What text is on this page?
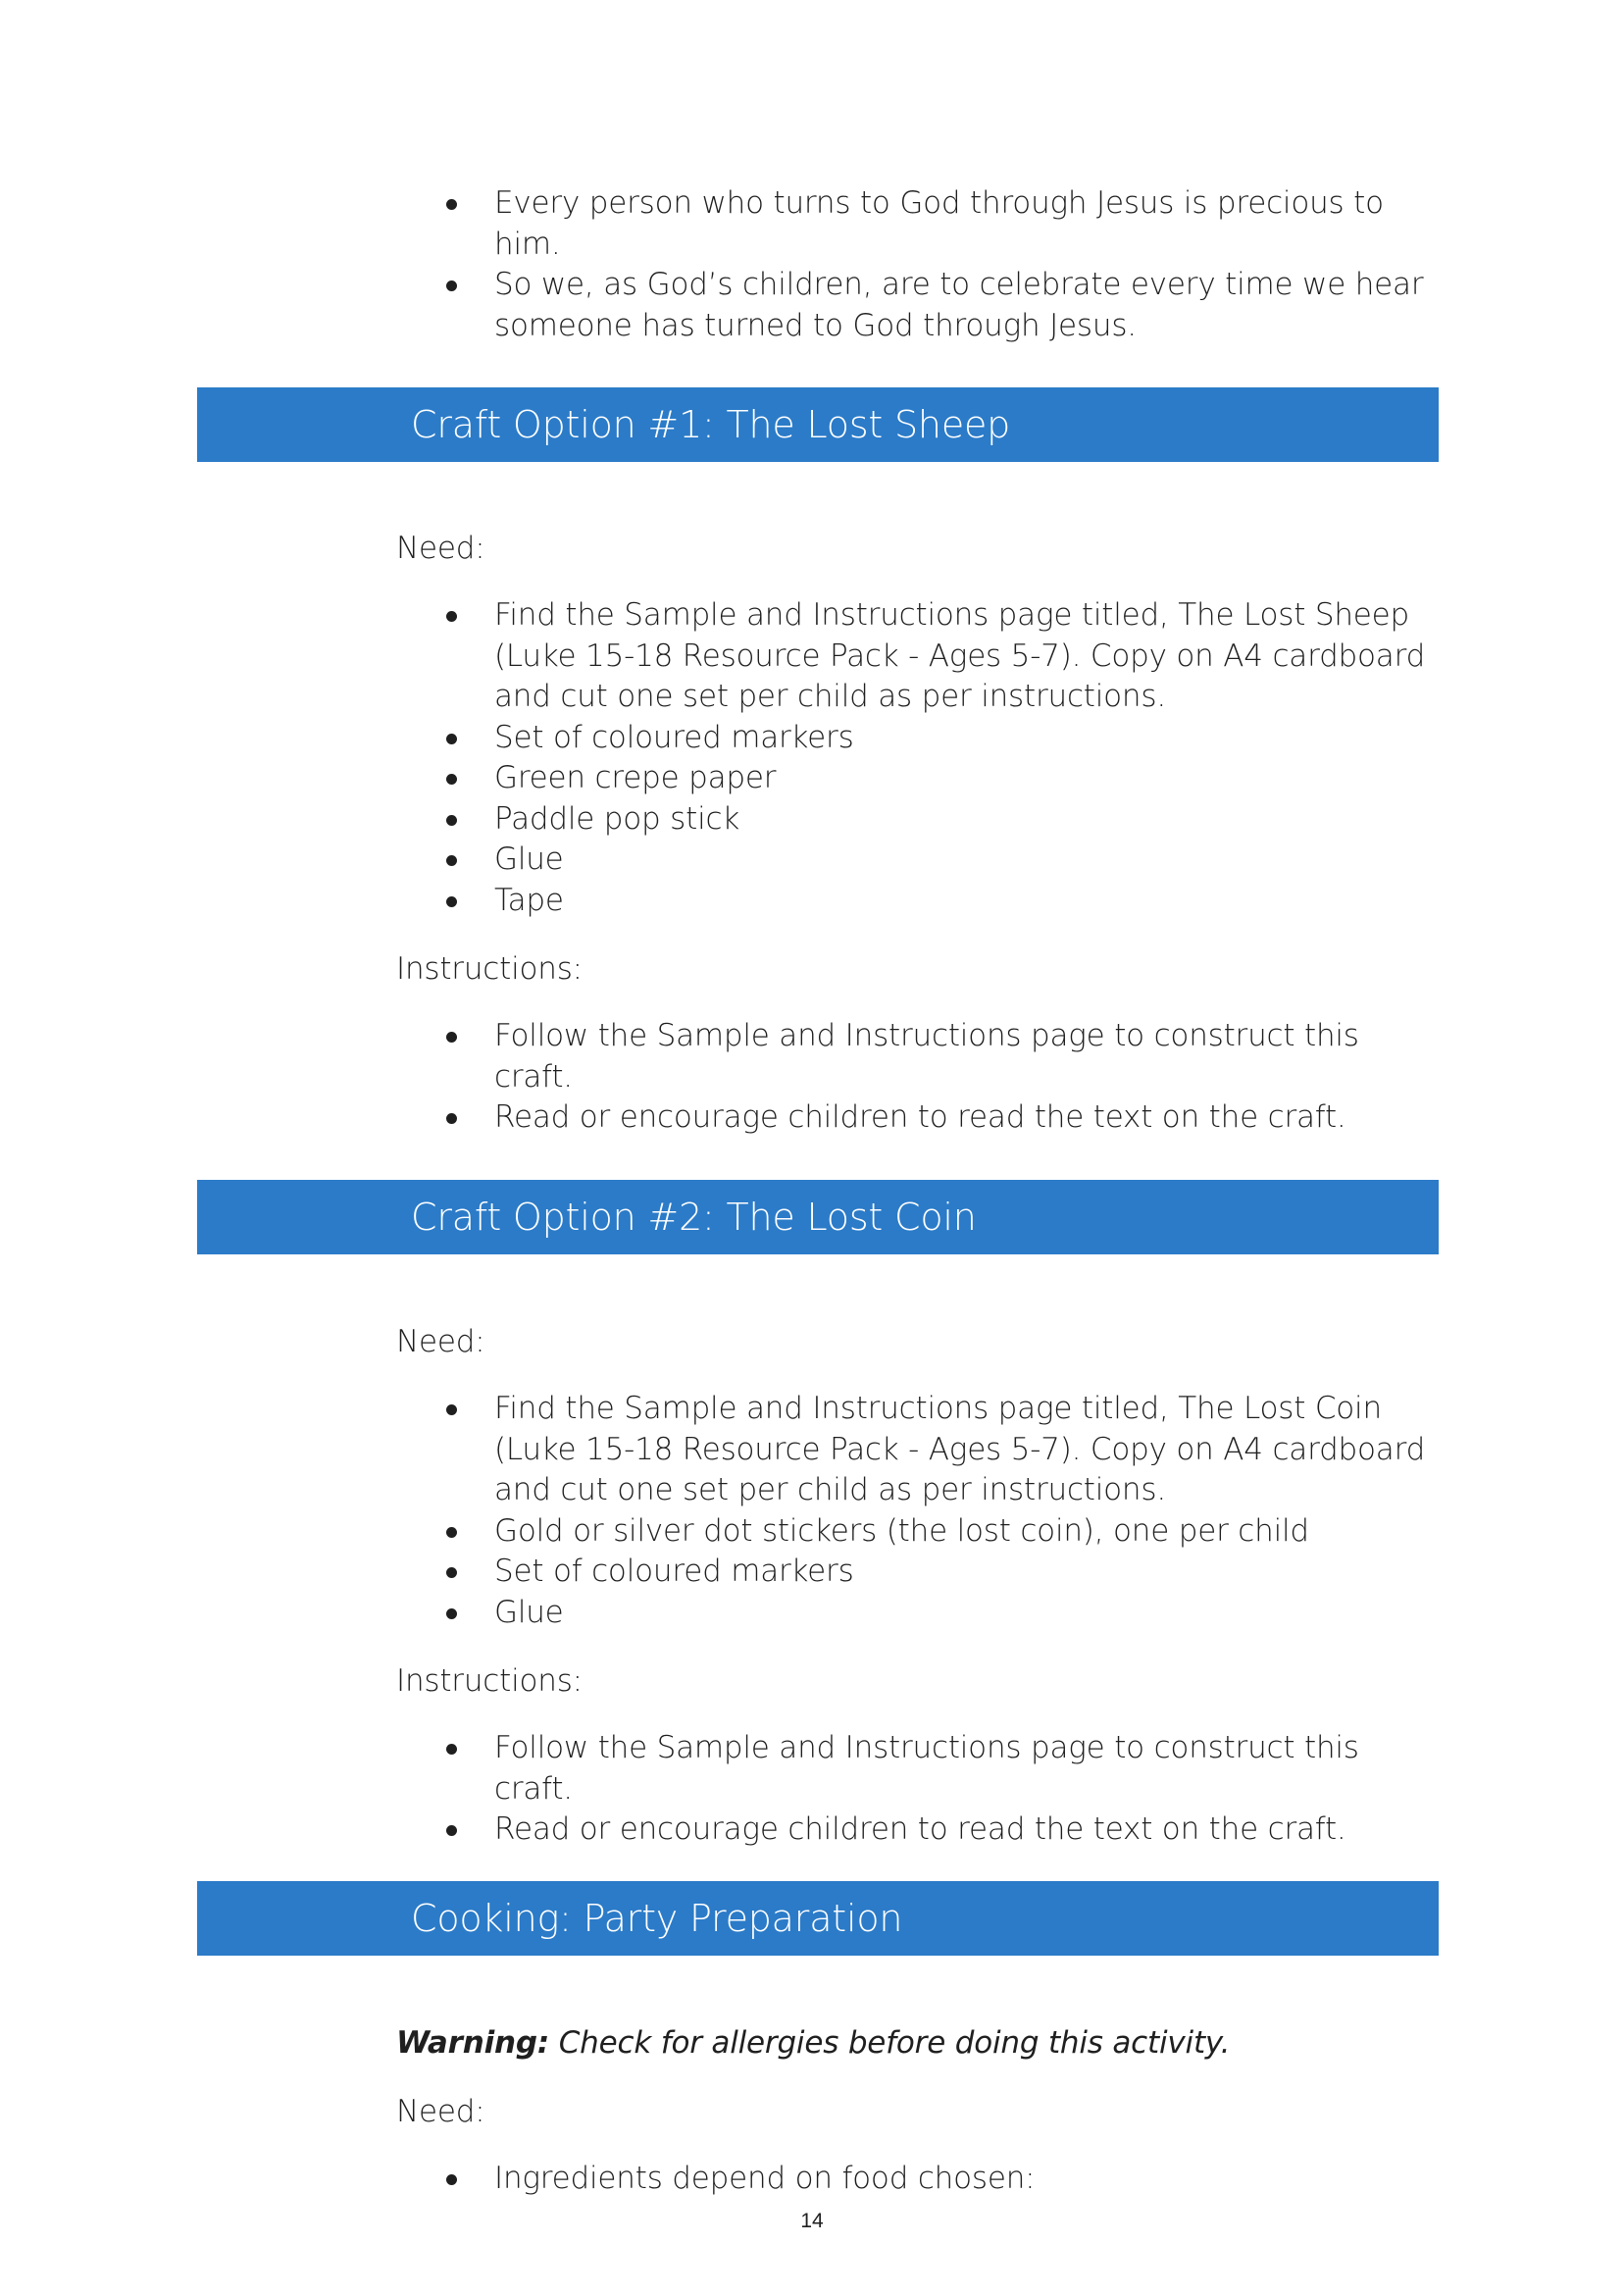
Every person who turns to God through Jesus is precious to him.
So we, as God’s children, are to celebrate every time we hear someone has turned to God through Jesus.
Craft Option #1: The Lost Sheep
Need:
Find the Sample and Instructions page titled, The Lost Sheep (Luke 15-18 Resource Pack - Ages 5-7). Copy on A4 cardboard and cut one set per child as per instructions.
Set of coloured markers
Green crepe paper
Paddle pop stick
Glue
Tape
Instructions:
Follow the Sample and Instructions page to construct this craft.
Read or encourage children to read the text on the craft.
Craft Option #2: The Lost Coin
Need:
Find the Sample and Instructions page titled, The Lost Coin (Luke 15-18 Resource Pack - Ages 5-7). Copy on A4 cardboard and cut one set per child as per instructions.
Gold or silver dot stickers (the lost coin), one per child
Set of coloured markers
Glue
Instructions:
Follow the Sample and Instructions page to construct this craft.
Read or encourage children to read the text on the craft.
Cooking: Party Preparation
Warning: Check for allergies before doing this activity.
Need:
Ingredients depend on food chosen:
14
